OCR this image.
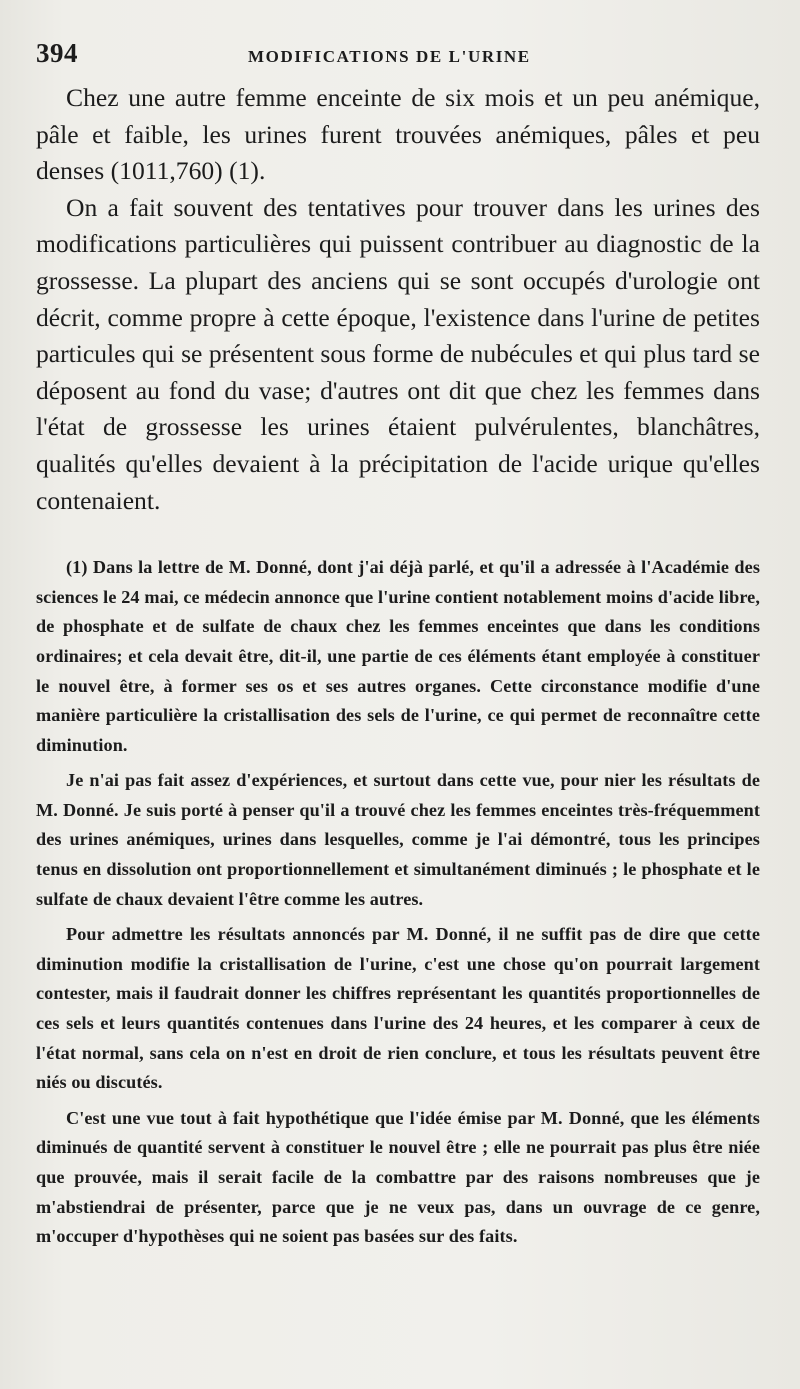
394	MODIFICATIONS DE L'URINE

Chez une autre femme enceinte de six mois et un peu anémique, pâle et faible, les urines furent trouvées anémiques, pâles et peu denses (1011,760) (1).

On a fait souvent des tentatives pour trouver dans les urines des modifications particulières qui puissent contribuer au diagnostic de la grossesse. La plupart des anciens qui se sont occupés d'urologie ont décrit, comme propre à cette époque, l'existence dans l'urine de petites particules qui se présentent sous forme de nubécules et qui plus tard se déposent au fond du vase; d'autres ont dit que chez les femmes dans l'état de grossesse les urines étaient pulvérulentes, blanchâtres, qualités qu'elles devaient à la précipitation de l'acide urique qu'elles contenaient.

(1) Dans la lettre de M. Donné, dont j'ai déjà parlé, et qu'il a adressée à l'Académie des sciences le 24 mai, ce médecin annonce que l'urine contient notablement moins d'acide libre, de phosphate et de sulfate de chaux chez les femmes enceintes que dans les conditions ordinaires; et cela devait être, dit-il, une partie de ces éléments étant employée à constituer le nouvel être, à former ses os et ses autres organes. Cette circonstance modifie d'une manière particulière la cristallisation des sels de l'urine, ce qui permet de reconnaître cette diminution.

Je n'ai pas fait assez d'expériences, et surtout dans cette vue, pour nier les résultats de M. Donné. Je suis porté à penser qu'il a trouvé chez les femmes enceintes très-fréquemment des urines anémiques, urines dans lesquelles, comme je l'ai démontré, tous les principes tenus en dissolution ont proportionnellement et simultanément diminués ; le phosphate et le sulfate de chaux devaient l'être comme les autres.

Pour admettre les résultats annoncés par M. Donné, il ne suffit pas de dire que cette diminution modifie la cristallisation de l'urine, c'est une chose qu'on pourrait largement contester, mais il faudrait donner les chiffres représentant les quantités proportionnelles de ces sels et leurs quantités contenues dans l'urine des 24 heures, et les comparer à ceux de l'état normal, sans cela on n'est en droit de rien conclure, et tous les résultats peuvent être niés ou discutés.

C'est une vue tout à fait hypothétique que l'idée émise par M. Donné, que les éléments diminués de quantité servent à constituer le nouvel être ; elle ne pourrait pas plus être niée que prouvée, mais il serait facile de la combattre par des raisons nombreuses que je m'abstiendrai de présenter, parce que je ne veux pas, dans un ouvrage de ce genre, m'occuper d'hypothèses qui ne soient pas basées sur des faits.
